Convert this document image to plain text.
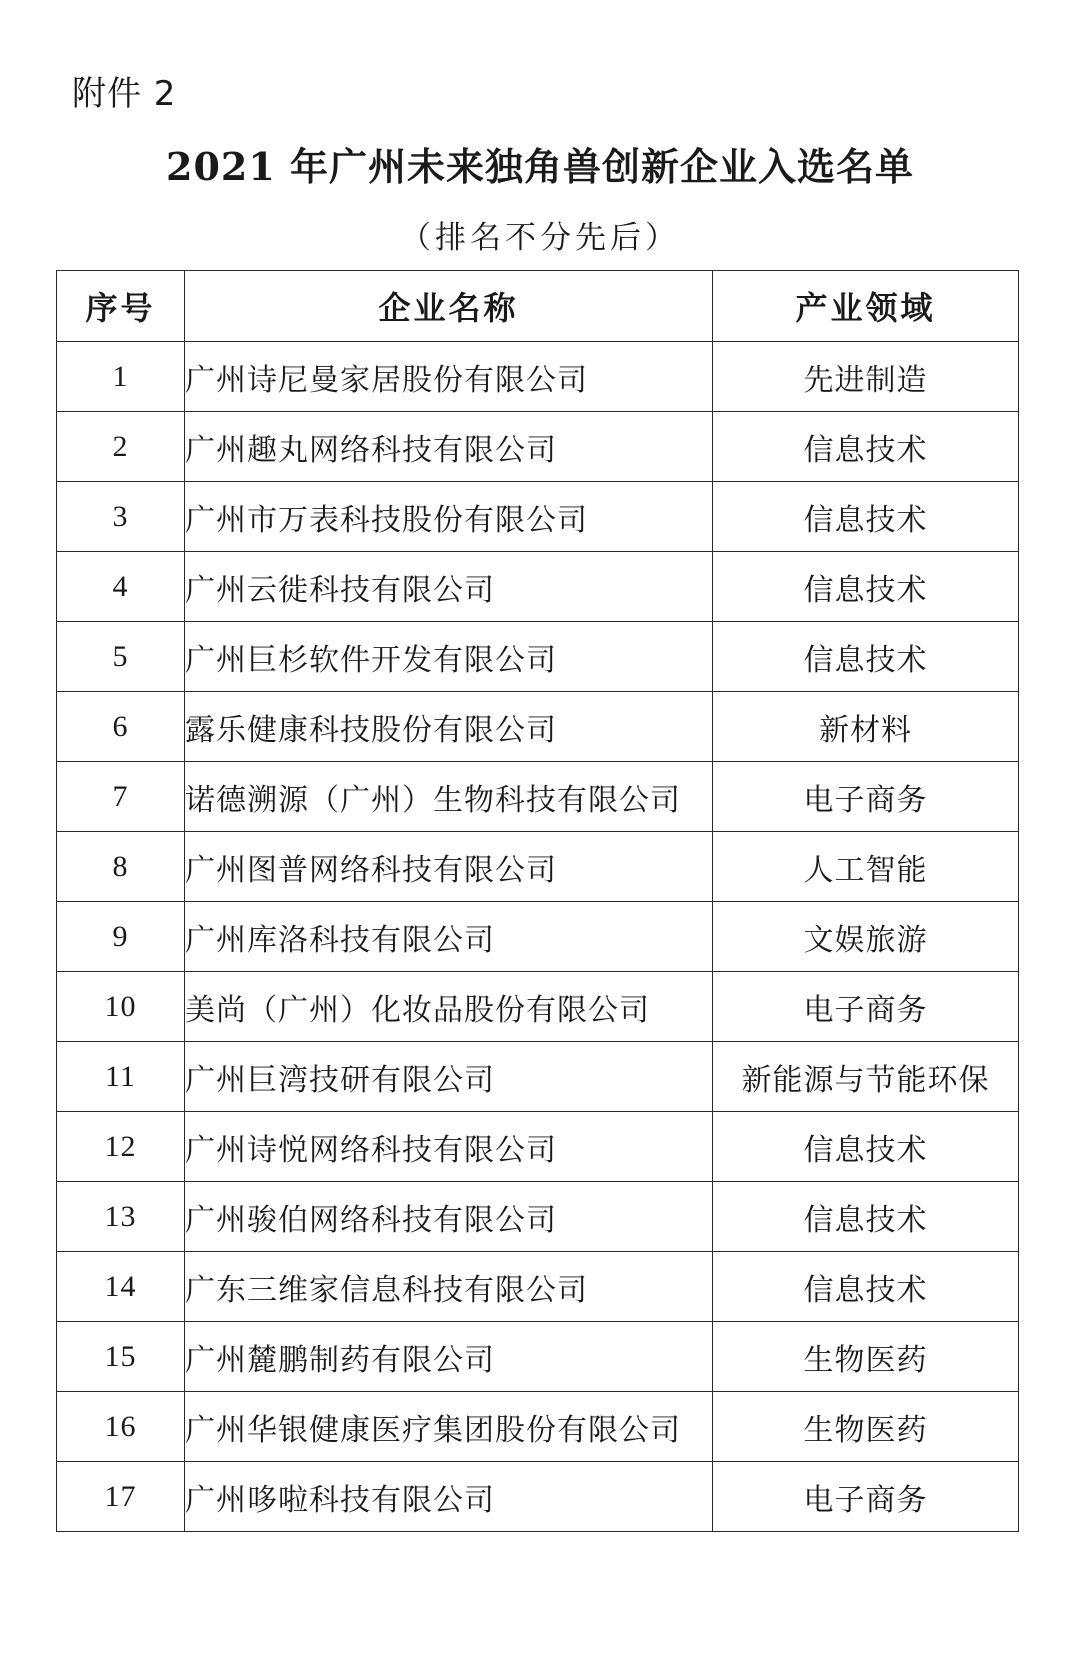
附件 2
2021 年广州未来独角兽创新企业入选名单
（排名不分先后）
序号	企业名称	产业领域
1	广州诗尼曼家居股份有限公司	先进制造
2	广州趣丸网络科技有限公司	信息技术
3	广州市万表科技股份有限公司	信息技术
4	广州云徙科技有限公司	信息技术
5	广州巨杉软件开发有限公司	信息技术
6	露乐健康科技股份有限公司	新材料
7	诺德溯源（广州）生物科技有限公司	电子商务
8	广州图普网络科技有限公司	人工智能
9	广州库洛科技有限公司	文娱旅游
10	美尚（广州）化妆品股份有限公司	电子商务
11	广州巨湾技研有限公司	新能源与节能环保
12	广州诗悦网络科技有限公司	信息技术
13	广州骏伯网络科技有限公司	信息技术
14	广东三维家信息科技有限公司	信息技术
15	广州麓鹏制药有限公司	生物医药
16	广州华银健康医疗集团股份有限公司	生物医药
17	广州哆啦科技有限公司	电子商务
